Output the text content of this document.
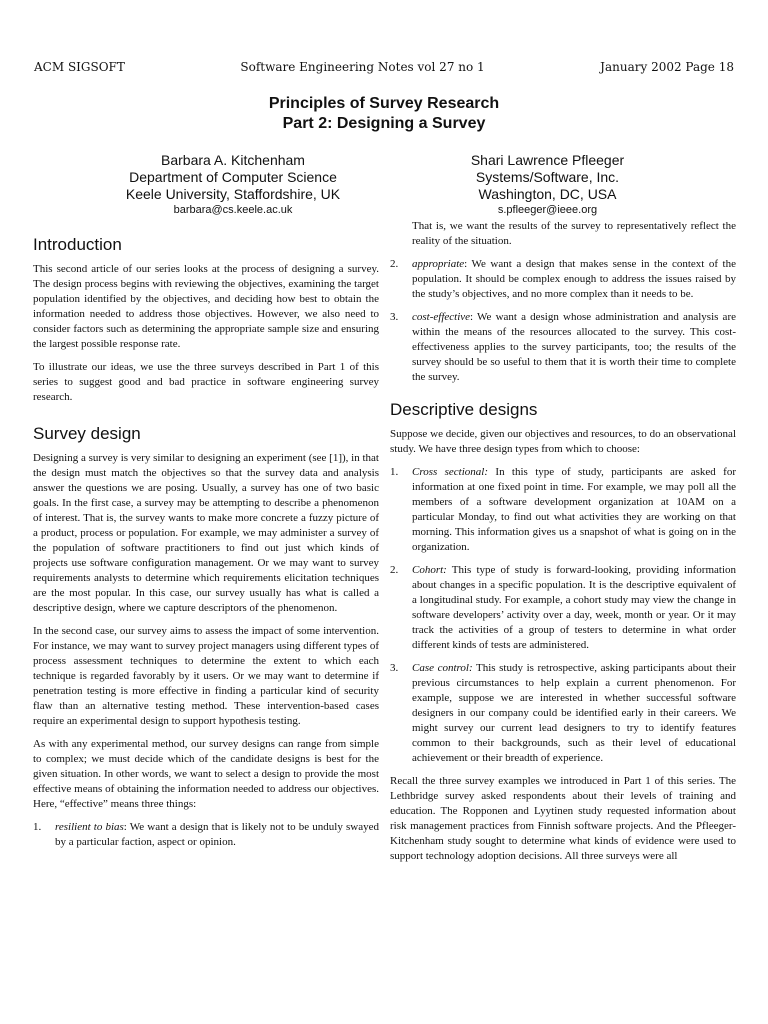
ACM SIGSOFT	Software Engineering Notes vol 27 no 1	January 2002 Page 18
Principles of Survey Research
Part 2: Designing a Survey
Barbara A. Kitchenham
Department of Computer Science
Keele University, Staffordshire, UK
barbara@cs.keele.ac.uk
Shari Lawrence Pfleeger
Systems/Software, Inc.
Washington, DC, USA
s.pfleeger@ieee.org
Introduction

This second article of our series looks at the process of designing a survey. The design process begins with reviewing the objectives, examining the target population identified by the objectives, and deciding how best to obtain the information needed to address those objectives. However, we also need to consider factors such as determining the appropriate sample size and ensuring the largest possible response rate.

To illustrate our ideas, we use the three surveys described in Part 1 of this series to suggest good and bad practice in software engineering survey research.

Survey design

Designing a survey is very similar to designing an experiment (see [1]), in that the design must match the objectives so that the survey data and analysis answer the questions we are posing. Usually, a survey has one of two basic goals. In the first case, a survey may be attempting to describe a phenomenon of interest. That is, the survey wants to make more concrete a fuzzy picture of a product, process or population. For example, we may administer a survey of the population of software practitioners to find out just which kinds of projects use software configuration management. Or we may want to survey requirements analysts to determine which requirements elicitation techniques are the most popular. In this case, our survey usually has what is called a descriptive design, where we capture descriptors of the phenomenon.

In the second case, our survey aims to assess the impact of some intervention. For instance, we may want to survey project managers using different types of process assessment techniques to determine the extent to which each technique is regarded favorably by it users. Or we may want to determine if penetration testing is more effective in finding a particular kind of security flaw than an alternative testing method. These intervention-based cases require an experimental design to support hypothesis testing.

As with any experimental method, our survey designs can range from simple to complex; we must decide which of the candidate designs is best for the given situation. In other words, we want to select a design to provide the most effective means of obtaining the information needed to address our objectives. Here, “effective” means three things:

1. resilient to bias: We want a design that is likely not to be unduly swayed by a particular faction, aspect or opinion.

That is, we want the results of the survey to representatively reflect the reality of the situation.

2. appropriate: We want a design that makes sense in the context of the population. It should be complex enough to address the issues raised by the study’s objectives, and no more complex than it needs to be.
3. cost-effective: We want a design whose administration and analysis are within the means of the resources allocated to the survey. This cost-effectiveness applies to the survey participants, too; the results of the survey should be so useful to them that it is worth their time to complete the survey.
Descriptive designs

Suppose we decide, given our objectives and resources, to do an observational study. We have three design types from which to choose:

1. Cross sectional: In this type of study, participants are asked for information at one fixed point in time. For example, we may poll all the members of a software development organization at 10AM on a particular Monday, to find out what activities they are working on that morning. This information gives us a snapshot of what is going on in the organization.
2. Cohort: This type of study is forward-looking, providing information about changes in a specific population. It is the descriptive equivalent of a longitudinal study. For example, a cohort study may view the change in software developers’ activity over a day, week, month or year. Or it may track the activities of a group of testers to determine in what order different kinds of tests are administered.
3. Case control: This study is retrospective, asking participants about their previous circumstances to help explain a current phenomenon. For example, suppose we are interested in whether successful software designers in our company could be identified early in their careers. We might survey our current lead designers to try to identify features common to their backgrounds, such as their level of educational achievement or their breadth of experience.

Recall the three survey examples we introduced in Part 1 of this series. The Lethbridge survey asked respondents about their levels of training and education. The Ropponen and Lyytinen study requested information about risk management practices from Finnish software projects. And the Pfleeger-Kitchenham study sought to determine what kinds of evidence were used to support technology adoption decisions. All three surveys were all
